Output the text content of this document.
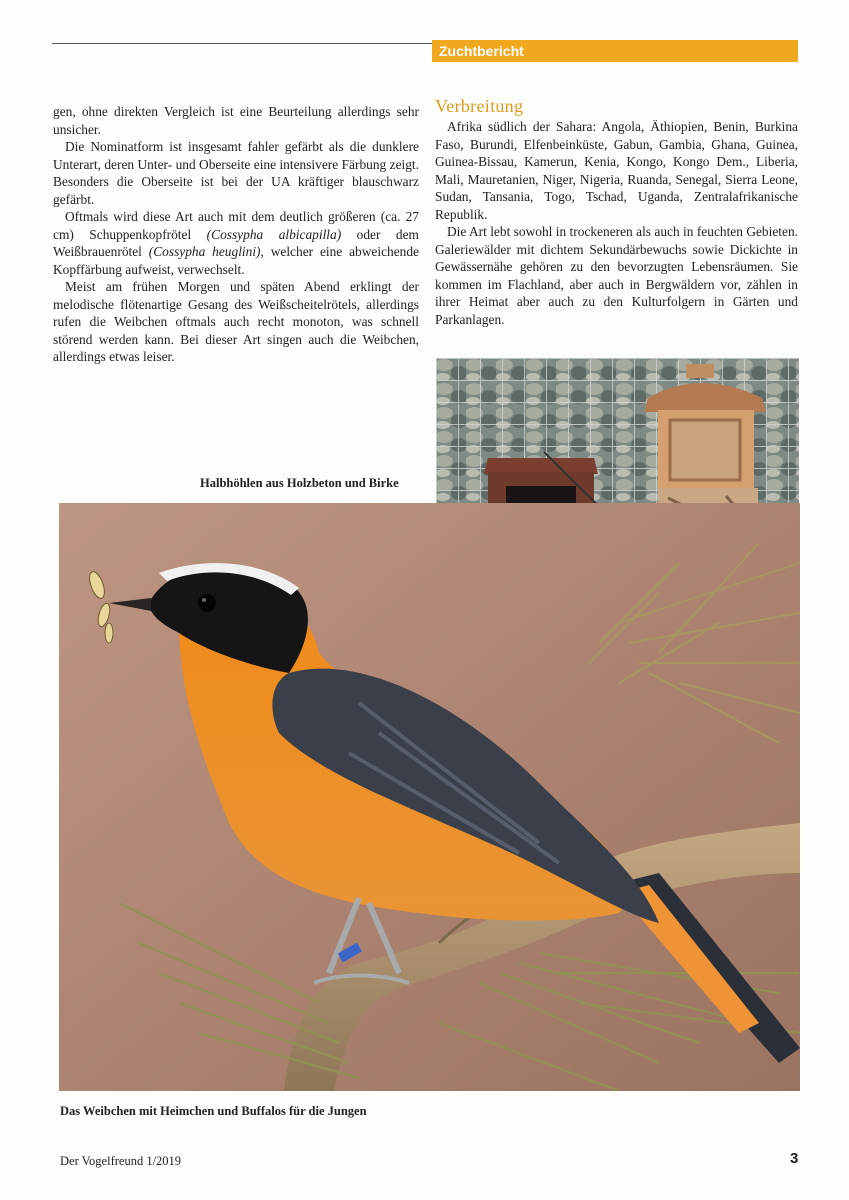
Zuchtbericht

gen, ohne direkten Vergleich ist eine Beurteilung allerdings sehr unsicher.

Die Nominatform ist insgesamt fahler gefärbt als die dunklere Unterart, deren Unter- und Oberseite eine intensivere Färbung zeigt. Besonders die Oberseite ist bei der UA kräftiger blauschwarz gefärbt.

Oftmals wird diese Art auch mit dem deutlich größeren (ca. 27 cm) Schuppenkopfrötel (Cossypha albicapilla) oder dem Weißbrauenrötel (Cossypha heuglini), welcher eine abweichende Kopffärbung aufweist, verwechselt.

Meist am frühen Morgen und späten Abend erklingt der melodische flötenartige Gesang des Weißscheitelrötels, allerdings rufen die Weibchen oftmals auch recht monoton, was schnell störend werden kann. Bei dieser Art singen auch die Weibchen, allerdings etwas leiser.

Verbreitung

Afrika südlich der Sahara: Angola, Äthiopien, Benin, Burkina Faso, Burundi, Elfenbeinküste, Gabun, Gambia, Ghana, Guinea, Guinea-Bissau, Kamerun, Kenia, Kongo, Kongo Dem., Liberia, Mali, Mauretanien, Niger, Nigeria, Ruanda, Senegal, Sierra Leone, Sudan, Tansania, Togo, Tschad, Uganda, Zentralafrikanische Republik.

Die Art lebt sowohl in trockeneren als auch in feuchten Gebieten. Galeriewälder mit dichtem Sekundärbewuchs sowie Dickichte in Gewässernähe gehören zu den bevorzugten Lebensräumen. Sie kommen im Flachland, aber auch in Bergwäldern vor, zählen in ihrer Heimat aber auch zu den Kulturfolgern in Gärten und Parkanlagen.

Halbhöhlen aus Holzbeton und Birke
Das Weibchen mit Heimchen und Buffalos für die Jungen
Der Vogelfreund 1/2019	3
